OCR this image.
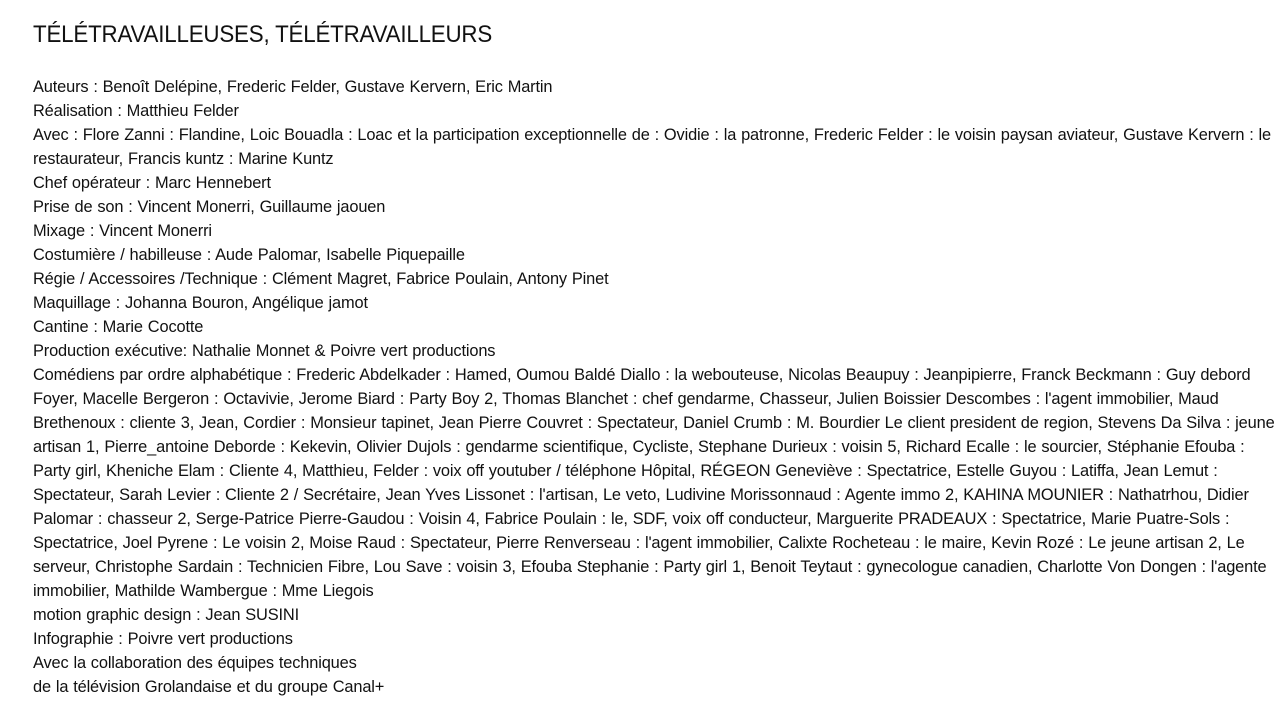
TÉLÉTRAVAILLEUSES, TÉLÉTRAVAILLEURS
Auteurs : Benoît Delépine, Frederic Felder, Gustave Kervern, Eric Martin
Réalisation : Matthieu Felder
Avec : Flore Zanni : Flandine, Loic Bouadla : Loac et la participation exceptionnelle de : Ovidie : la patronne, Frederic Felder : le voisin paysan aviateur, Gustave Kervern : le restaurateur, Francis kuntz : Marine Kuntz
Chef opérateur : Marc Hennebert
Prise de son : Vincent Monerri, Guillaume jaouen
Mixage : Vincent Monerri
Costumière / habilleuse : Aude Palomar, Isabelle Piquepaille
Régie / Accessoires /Technique : Clément Magret, Fabrice Poulain, Antony Pinet
Maquillage : Johanna Bouron, Angélique jamot
Cantine : Marie Cocotte
Production exécutive: Nathalie Monnet & Poivre vert productions
Comédiens par ordre alphabétique : Frederic Abdelkader : Hamed, Oumou Baldé Diallo : la webouteuse, Nicolas Beaupuy : Jeanpipierre, Franck Beckmann : Guy debord Foyer, Macelle Bergeron : Octavivie, Jerome Biard : Party Boy 2, Thomas Blanchet : chef gendarme, Chasseur, Julien Boissier Descombes : l'agent immobilier, Maud Brethenoux : cliente 3, Jean, Cordier : Monsieur tapinet, Jean Pierre Couvret : Spectateur, Daniel Crumb : M. Bourdier Le client president de region, Stevens Da Silva : jeune artisan 1, Pierre_antoine Deborde : Kekevin, Olivier Dujols : gendarme scientifique, Cycliste, Stephane Durieux : voisin 5, Richard Ecalle : le sourcier, Stéphanie Efouba : Party girl, Kheniche Elam : Cliente 4, Matthieu, Felder : voix off youtuber / téléphone Hôpital, RÉGEON Geneviève : Spectatrice, Estelle Guyou : Latiffa, Jean Lemut : Spectateur, Sarah Levier : Cliente 2 / Secrétaire, Jean Yves Lissonet : l'artisan, Le veto, Ludivine Morissonnaud : Agente immo 2, KAHINA MOUNIER : Nathatrhou, Didier Palomar : chasseur 2, Serge-Patrice Pierre-Gaudou : Voisin 4, Fabrice Poulain : le, SDF, voix off conducteur, Marguerite PRADEAUX : Spectatrice, Marie Puatre-Sols : Spectatrice, Joel Pyrene : Le voisin 2, Moise Raud : Spectateur, Pierre Renverseau : l'agent immobilier, Calixte Rocheteau : le maire, Kevin Rozé : Le jeune artisan 2, Le serveur, Christophe Sardain : Technicien Fibre, Lou Save : voisin 3, Efouba Stephanie : Party girl 1, Benoit Teytaut : gynecologue canadien, Charlotte Von Dongen : l'agente immobilier, Mathilde Wambergue : Mme Liegois
motion graphic design : Jean SUSINI
Infographie : Poivre vert productions
Avec la collaboration des équipes techniques
de la télévision Grolandaise et du groupe Canal+
